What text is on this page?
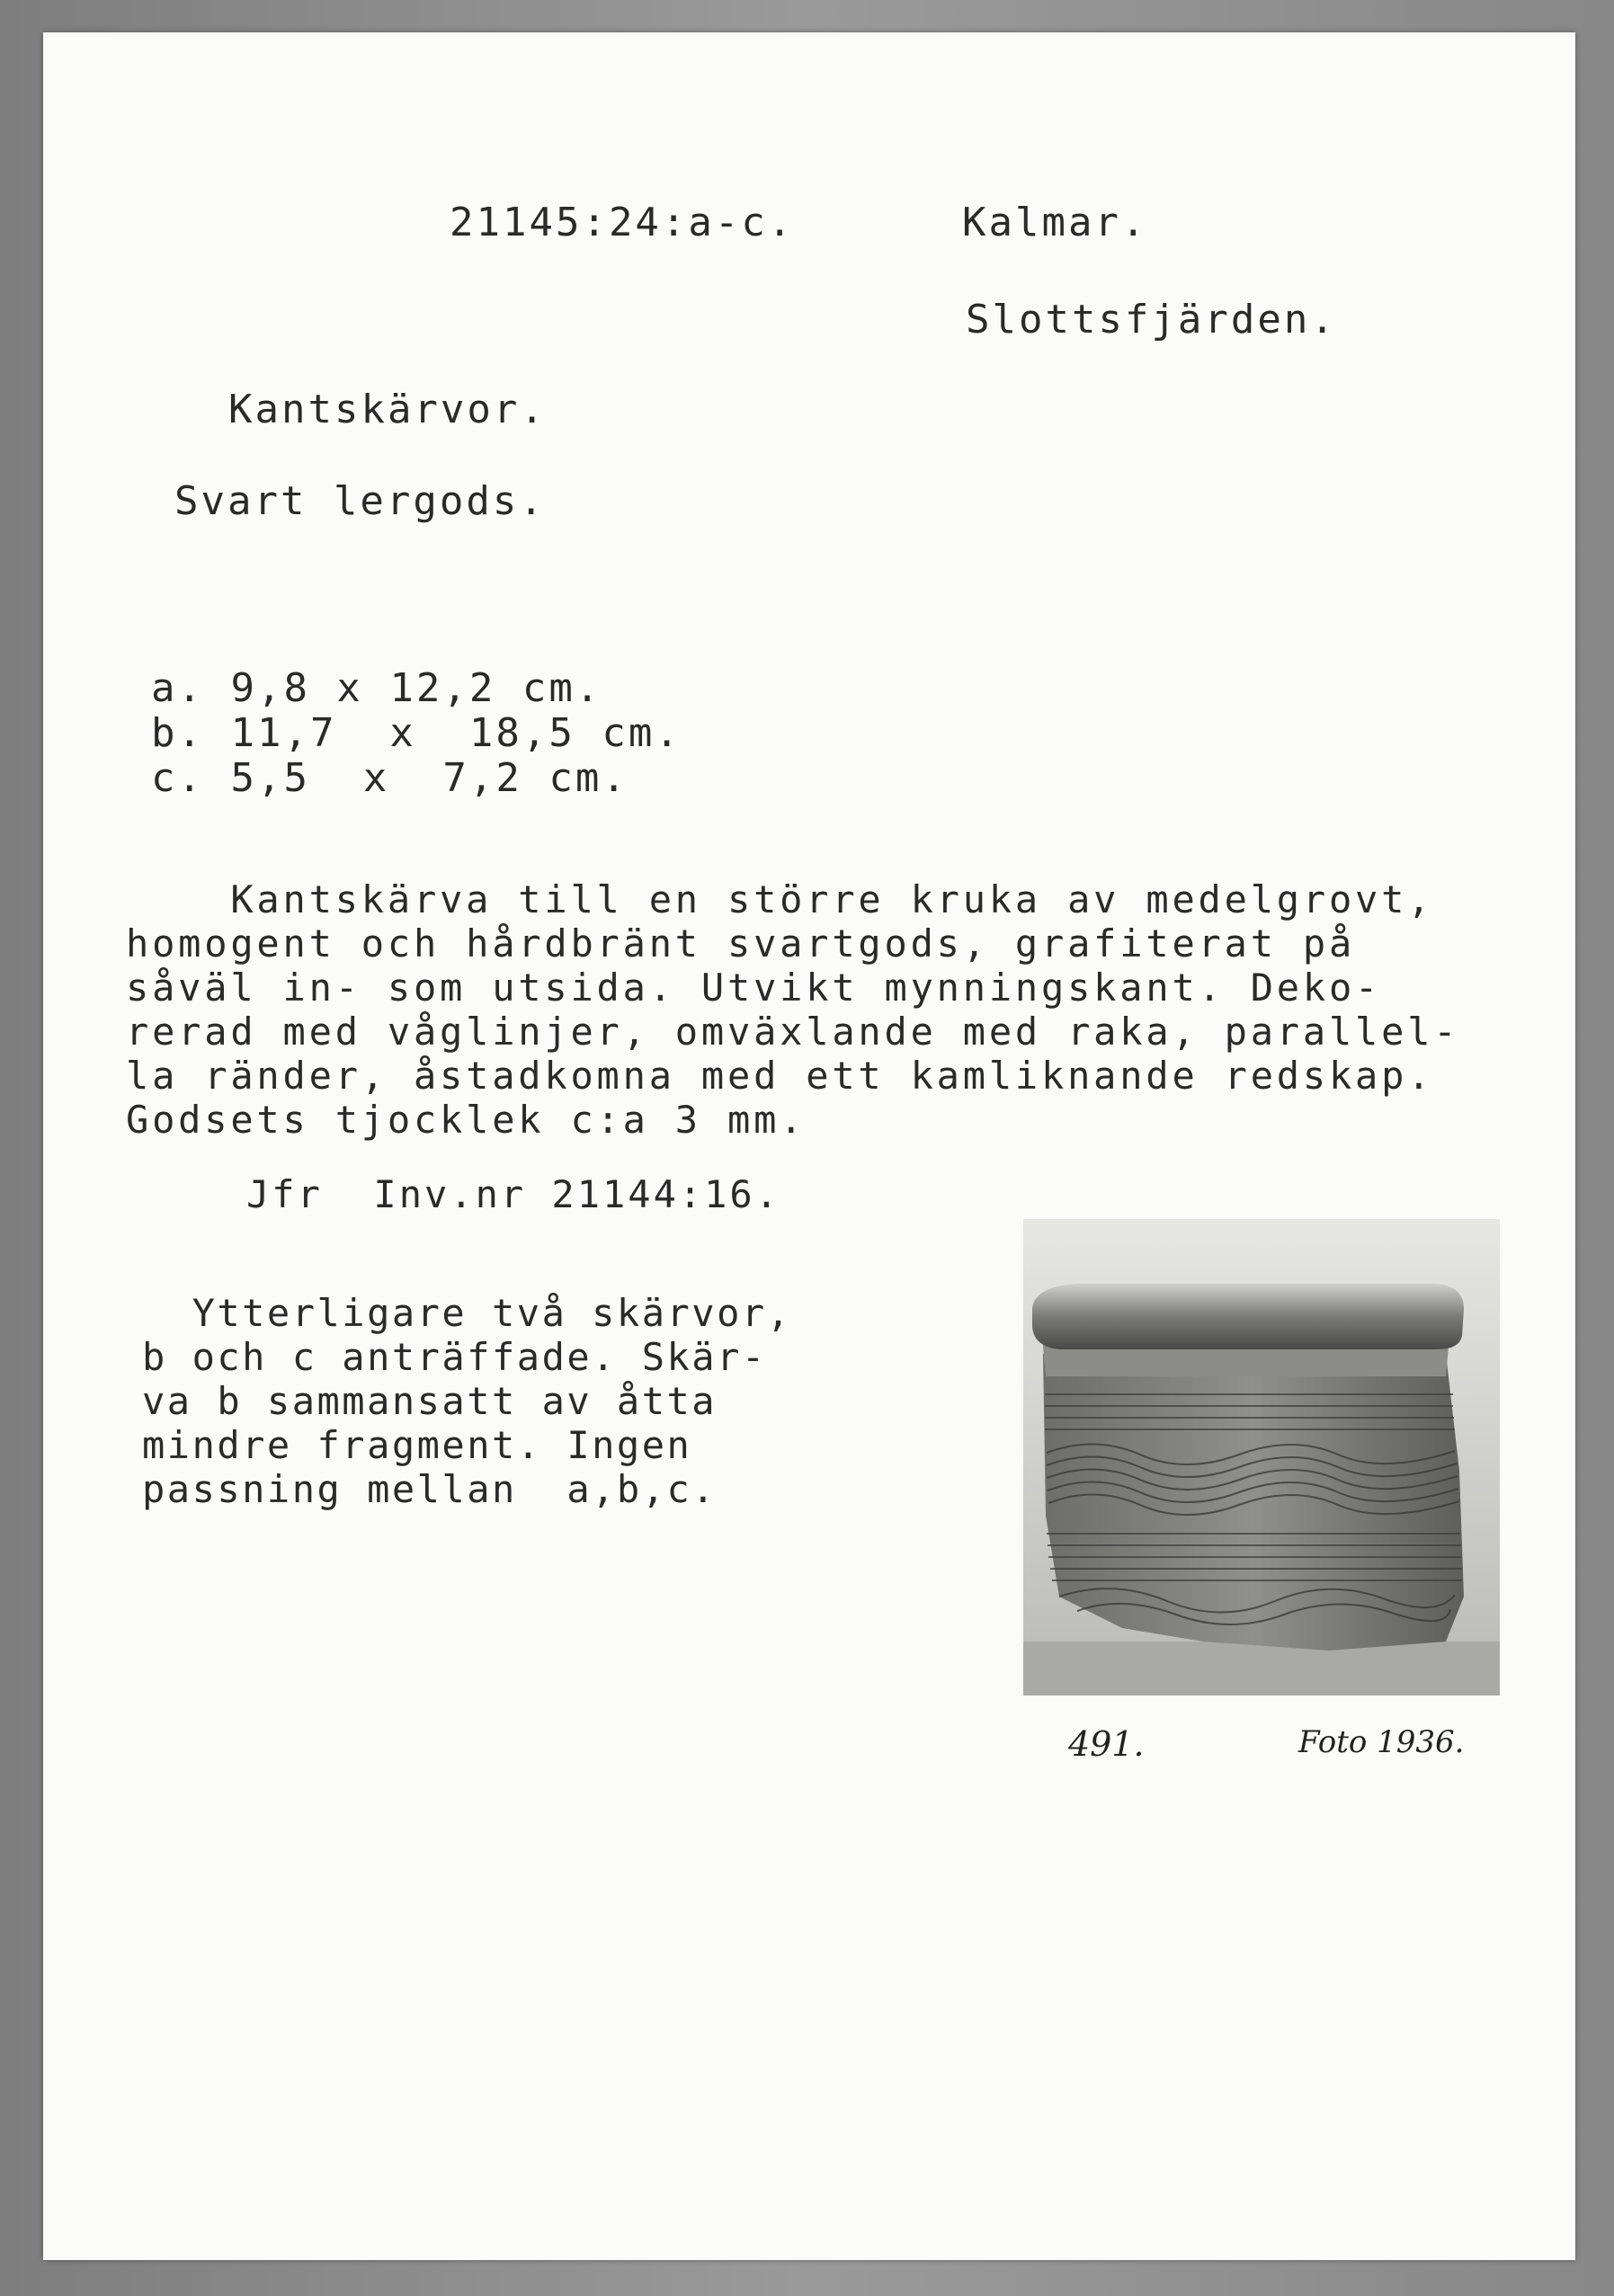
21145:24:a-c.	Kalmar.

Slottsfjärden.

Kantskärvor.

Svart lergods.

a. 9,8 x 12,2 cm.

b. 11,7  x  18,5 cm.

c. 5,5  x  7,2 cm.

Kantskärva till en större kruka av medelgrovt,
homogent och hårdbränt svartgods, grafiterat på
såväl in- som utsida. Utvikt mynningskant. Deko-
rerad med våglinjer, omväxlande med raka, parallel-
la ränder, åstadkomna med ett kamliknande redskap.
Godsets tjocklek c:a 3 mm.

Jfr  Inv.nr 21144:16.

Ytterligare två skärvor,
b och c anträffade. Skär-
va b sammansatt av åtta
mindre fragment. Ingen
passning mellan  a,b,c.

491.	Foto 1936.
